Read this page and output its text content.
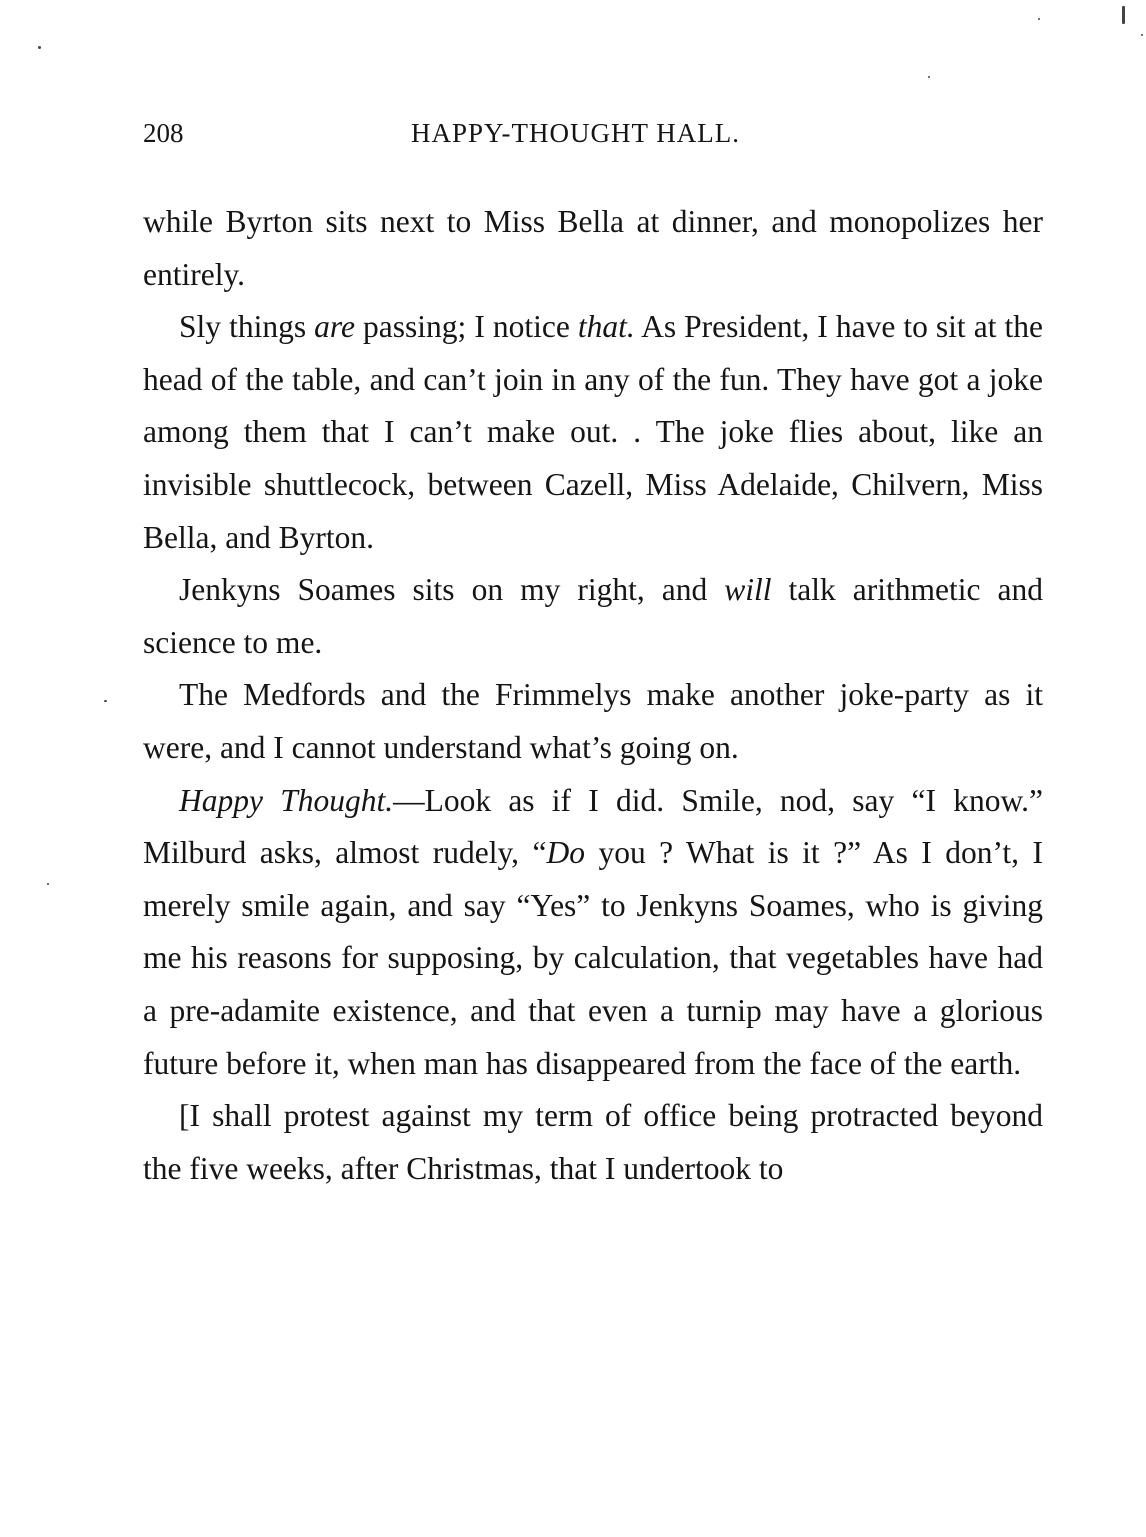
208	HAPPY-THOUGHT HALL.

while Byrton sits next to Miss Bella at dinner, and monopolizes her entirely.

Sly things are passing; I notice that. As President, I have to sit at the head of the table, and can’t join in any of the fun. They have got a joke among them that I can’t make out. . The joke flies about, like an invisible shuttlecock, between Cazell, Miss Adelaide, Chilvern, Miss Bella, and Byrton.

Jenkyns Soames sits on my right, and will talk arithmetic and science to me.

The Medfords and the Frimmelys make another joke-party as it were, and I cannot understand what’s going on.

Happy Thought.—Look as if I did. Smile, nod, say “I know.” Milburd asks, almost rudely, “Do you ? What is it ?” As I don’t, I merely smile again, and say “Yes” to Jenkyns Soames, who is giving me his reasons for supposing, by calculation, that vegetables have had a pre-adamite existence, and that even a turnip may have a glorious future before it, when man has disappeared from the face of the earth.

[I shall protest against my term of office being protracted beyond the five weeks, after Christmas, that I undertook to
